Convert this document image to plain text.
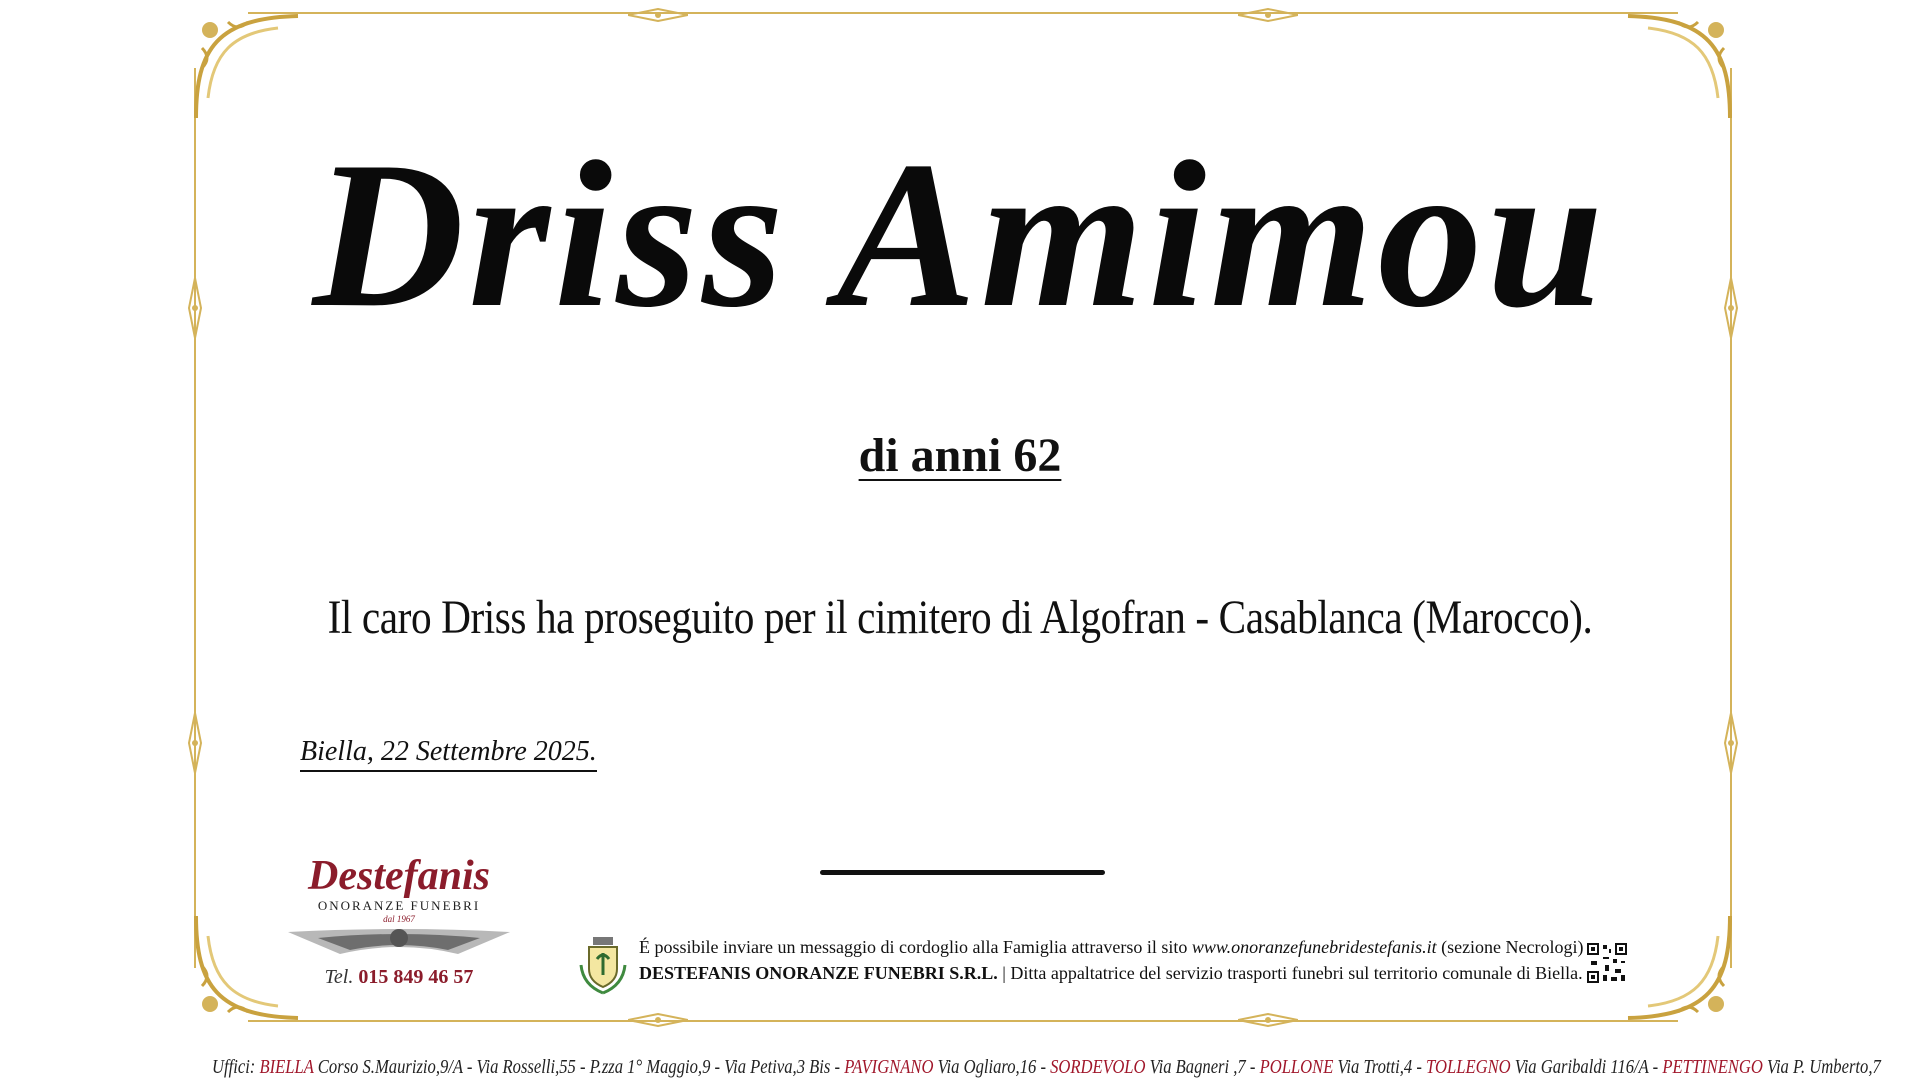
Driss Amimou
di anni 62
Il caro Driss ha proseguito per il cimitero di Algofran - Casablanca (Marocco).
Biella, 22 Settembre 2025.
Destefanis
ONORANZE FUNEBRI
dal 1967
Tel. 015 849 46 57
É possibile inviare un messaggio di cordoglio alla Famiglia attraverso il sito www.onoranzefunebridestefanis.it (sezione Necrologi)
DESTEFANIS ONORANZE FUNEBRI S.R.L. | Ditta appaltatrice del servizio trasporti funebri sul territorio comunale di Biella.
Uffici: BIELLA Corso S.Maurizio,9/A - Via Rosselli,55 - P.zza 1° Maggio,9 - Via Petiva,3 Bis - PAVIGNANO Via Ogliaro,16 - SORDEVOLO Via Bagneri ,7 - POLLONE Via Trotti,4 - TOLLEGNO Via Garibaldi 116/A - PETTINENGO Via P. Umberto,7
